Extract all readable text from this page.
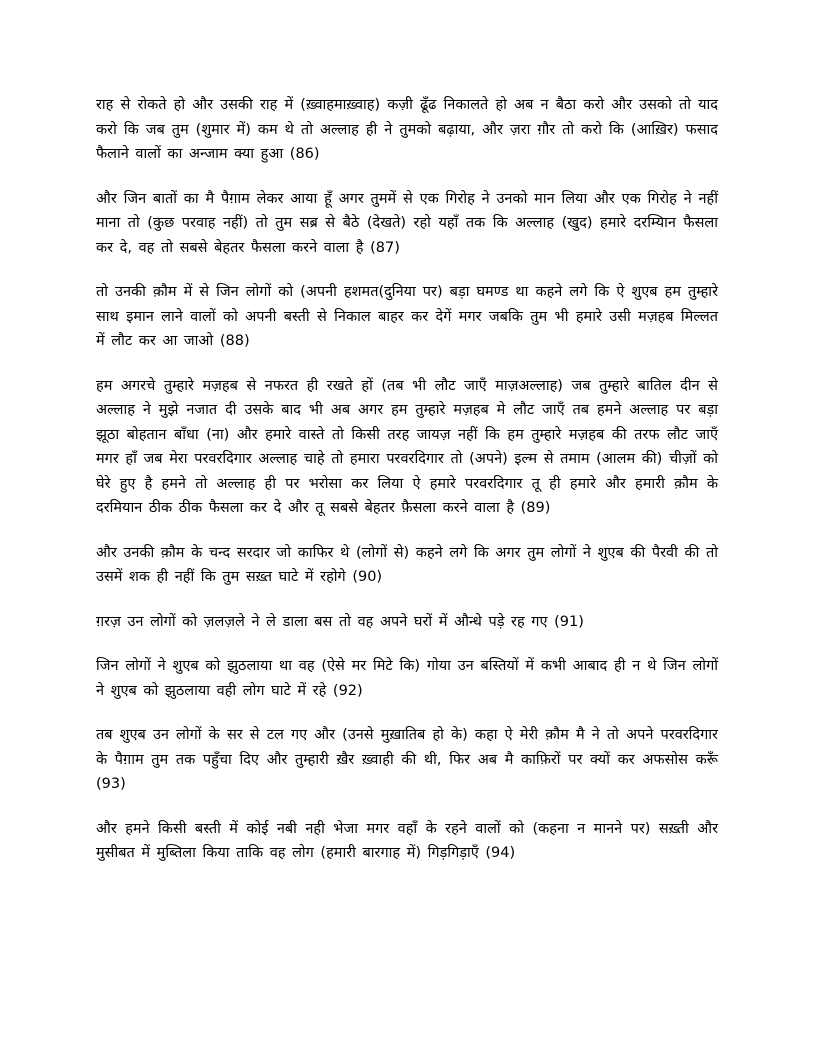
राह से रोकते हो और उसकी राह में (ख़्वाहमाख़्वाह) कज़ी ढूँढ निकालते हो अब न बैठा करो और उसको तो याद करो कि जब तुम (शुमार में) कम थे तो अल्लाह ही ने तुमको बढ़ाया, और ज़रा ग़ौर तो करो कि (आख़िर) फसाद फैलाने वालों का अन्जाम क्या हुआ (86)

और जिन बातों का मै पैग़ाम लेकर आया हूँ अगर तुममें से एक गिरोह ने उनको मान लिया और एक गिरोह ने नहीं माना तो (कुछ परवाह नहीं) तो तुम सब्र से बैठे (देखते) रहो यहाँ तक कि अल्लाह (खुद) हमारे दरम्यिान फैसला कर दे, वह तो सबसे बेहतर फैसला करने वाला है (87)

तो उनकी क़ौम में से जिन लोगों को (अपनी हशमत(दुनिया पर) बड़ा घमण्ड था कहने लगे कि ऐ शुएब हम तुम्हारे साथ इमान लाने वालों को अपनी बस्ती से निकाल बाहर कर देगें मगर जबकि तुम भी हमारे उसी मज़हब मिल्लत में लौट कर आ जाओ (88)

हम अगरचे तुम्हारे मज़हब से नफरत ही रखते हों (तब भी लौट जाएँ माज़अल्लाह) जब तुम्हारे बातिल दीन से अल्लाह ने मुझे नजात दी उसके बाद भी अब अगर हम तुम्हारे मज़हब मे लौट जाएँ तब हमने अल्लाह पर बड़ा झूठा बोहतान बाँधा (ना) और हमारे वास्ते तो किसी तरह जायज़ नहीं कि हम तुम्हारे मज़हब की तरफ लौट जाएँ मगर हाँ जब मेरा परवरदिगार अल्लाह चाहे तो हमारा परवरदिगार तो (अपने) इल्म से तमाम (आलम की) चीज़ों को घेरे हुए है हमने तो अल्लाह ही पर भरोसा कर लिया ऐ हमारे परवरदिगार तू ही हमारे और हमारी क़ौम के दरमियान ठीक ठीक फैसला कर दे और तू सबसे बेहतर फ़ैसला करने वाला है (89)

और उनकी क़ौम के चन्द सरदार जो काफिर थे (लोगों से) कहने लगे कि अगर तुम लोगों ने शुएब की पैरवी की तो उसमें शक ही नहीं कि तुम सख़्त घाटे में रहोगे (90)

ग़रज़ उन लोगों को ज़लज़ले ने ले डाला बस तो वह अपने घरों में औन्धे पड़े रह गए (91)

जिन लोगों ने शुएब को झुठलाया था वह (ऐसे मर मिटे कि) गोया उन बस्तियों में कभी आबाद ही न थे जिन लोगों ने शुएब को झुठलाया वही लोग घाटे में रहे (92)

तब शुएब उन लोगों के सर से टल गए और (उनसे मुख़ातिब हो के) कहा ऐ मेरी क़ौम मै ने तो अपने परवरदिगार के पैग़ाम तुम तक पहुँचा दिए और तुम्हारी ख़ैर ख़्वाही की थी, फिर अब मै काफ़िरों पर क्यों कर अफसोस करूँ (93)

और हमने किसी बस्ती में कोई नबी नही भेजा मगर वहाँ के रहने वालों को (कहना न मानने पर) सख़्ती और मुसीबत में मुब्तिला किया ताकि वह लोग (हमारी बारगाह में) गिड़गिड़ाएँ (94)
